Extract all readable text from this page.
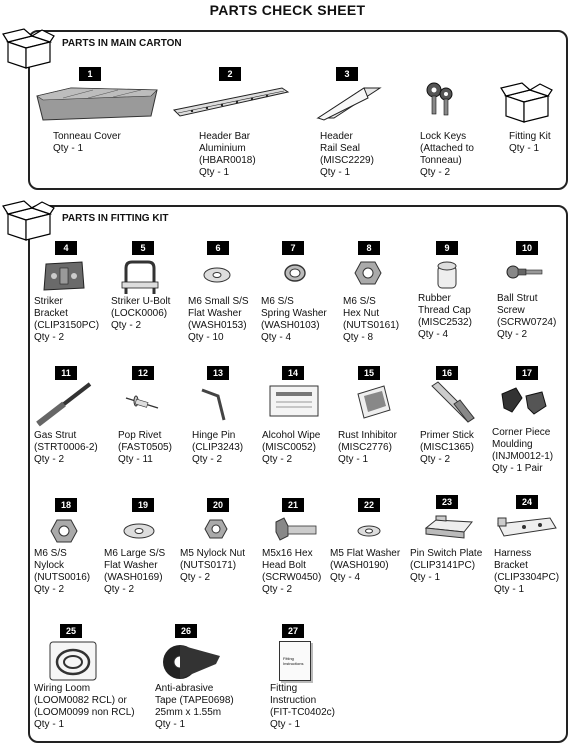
PARTS CHECK SHEET
PARTS IN MAIN CARTON
1
Tonneau Cover
Qty - 1
2
Header Bar
Aluminium
(HBAR0018)
Qty - 1
3
Header
Rail Seal
(MISC2229)
Qty - 1
Lock Keys
(Attached to
Tonneau)
Qty - 2
Fitting Kit
Qty - 1
PARTS IN FITTING KIT
4
Striker
Bracket
(CLIP3150PC)
Qty - 2
5
Striker U-Bolt
(LOCK0006)
Qty - 2
6
M6 Small S/S
Flat Washer
(WASH0153)
Qty - 10
7
M6 S/S
Spring Washer
(WASH0103)
Qty - 4
8
M6 S/S
Hex Nut
(NUTS0161)
Qty - 8
9
Rubber
Thread Cap
(MISC2532)
Qty - 4
10
Ball Strut
Screw
(SCRW0724)
Qty - 2
11
Gas Strut
(STRT0006-2)
Qty - 2
12
Pop Rivet
(FAST0505)
Qty - 11
13
Hinge Pin
(CLIP3243)
Qty - 2
14
Alcohol Wipe
(MISC0052)
Qty - 2
15
Rust Inhibitor
(MISC2776)
Qty - 1
16
Primer Stick
(MISC1365)
Qty - 2
17
Corner Piece
Moulding
(INJM0012-1)
Qty - 1 Pair
18
M6 S/S
Nylock
(NUTS0016)
Qty - 2
19
M6 Large S/S
Flat Washer
(WASH0169)
Qty - 2
20
M5 Nylock Nut
(NUTS0171)
Qty - 2
21
M5x16 Hex
Head Bolt
(SCRW0450)
Qty - 2
22
M5 Flat Washer
(WASH0190)
Qty - 4
23
Pin Switch Plate
(CLIP3141PC)
Qty - 1
24
Harness
Bracket
(CLIP3304PC)
Qty - 1
25
Wiring Loom
(LOOM0082 RCL) or
(LOOM0099 non RCL)
Qty - 1
26
Anti-abrasive
Tape (TAPE0698)
25mm x 1.55m
Qty - 1
27
Fitting
Instructions
Fitting
Instruction
(FIT-TC0402c)
Qty - 1
